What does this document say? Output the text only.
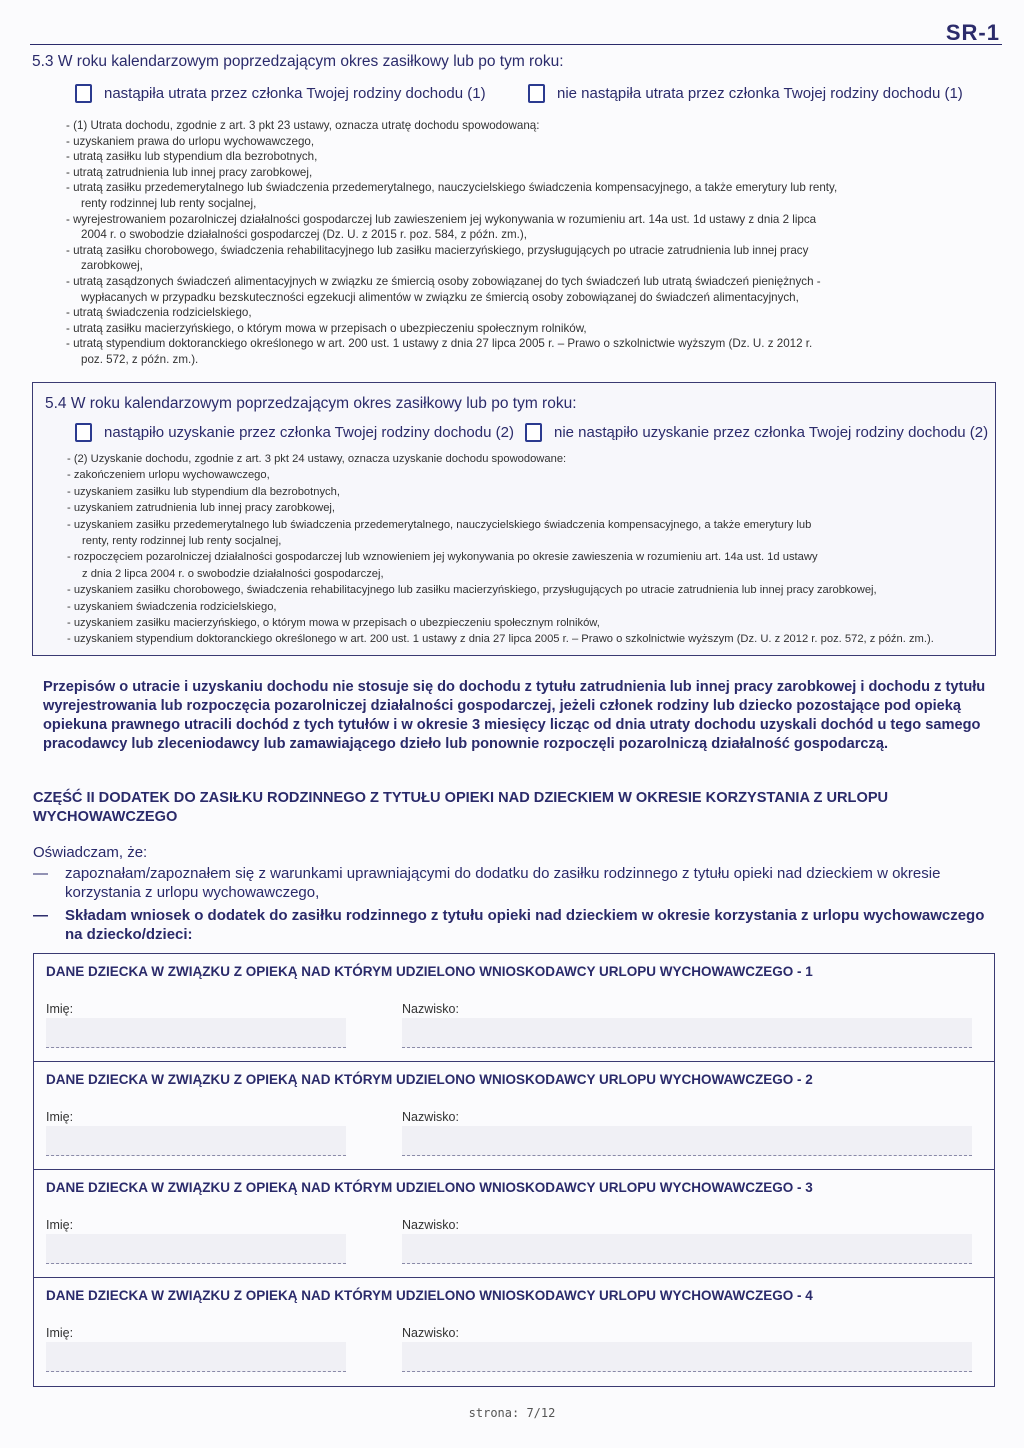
SR-1
5.3 W roku kalendarzowym poprzedzającym okres zasiłkowy lub po tym roku:
nastąpiła utrata przez członka Twojej rodziny dochodu (1)	nie nastąpiła utrata przez członka Twojej rodziny dochodu (1)
- (1) Utrata dochodu, zgodnie z art. 3 pkt 23 ustawy, oznacza utratę dochodu spowodowaną:
- uzyskaniem prawa do urlopu wychowawczego,
- utratą zasiłku lub stypendium dla bezrobotnych,
- utratą zatrudnienia lub innej pracy zarobkowej,
- utratą zasiłku przedemerytalnego lub świadczenia przedemerytalnego, nauczycielskiego świadczenia kompensacyjnego, a także emerytury lub renty,
renty rodzinnej lub renty socjalnej,
- wyrejestrowaniem pozarolniczej działalności gospodarczej lub zawieszeniem jej wykonywania w rozumieniu art. 14a ust. 1d ustawy z dnia 2 lipca
2004 r. o swobodzie działalności gospodarczej (Dz. U. z 2015 r. poz. 584, z późn. zm.),
- utratą zasiłku chorobowego, świadczenia rehabilitacyjnego lub zasiłku macierzyńskiego, przysługujących po utracie zatrudnienia lub innej pracy
zarobkowej,
- utratą zasądzonych świadczeń alimentacyjnych w związku ze śmiercią osoby zobowiązanej do tych świadczeń lub utratą świadczeń pieniężnych -
wypłacanych w przypadku bezskuteczności egzekucji alimentów w związku ze śmiercią osoby zobowiązanej do świadczeń alimentacyjnych,
- utratą świadczenia rodzicielskiego,
- utratą zasiłku macierzyńskiego, o którym mowa w przepisach o ubezpieczeniu społecznym rolników,
- utratą stypendium doktoranckiego określonego w art. 200 ust. 1 ustawy z dnia 27 lipca 2005 r. – Prawo o szkolnictwie wyższym (Dz. U. z 2012 r.
poz. 572, z późn. zm.).
5.4 W roku kalendarzowym poprzedzającym okres zasiłkowy lub po tym roku:
nastąpiło uzyskanie przez członka Twojej rodziny dochodu (2)	nie nastąpiło uzyskanie przez członka Twojej rodziny dochodu (2)
- (2) Uzyskanie dochodu, zgodnie z art. 3 pkt 24 ustawy, oznacza uzyskanie dochodu spowodowane:
- zakończeniem urlopu wychowawczego,
- uzyskaniem zasiłku lub stypendium dla bezrobotnych,
- uzyskaniem zatrudnienia lub innej pracy zarobkowej,
- uzyskaniem zasiłku przedemerytalnego lub świadczenia przedemerytalnego, nauczycielskiego świadczenia kompensacyjnego, a także emerytury lub
renty, renty rodzinnej lub renty socjalnej,
- rozpoczęciem pozarolniczej działalności gospodarczej lub wznowieniem jej wykonywania po okresie zawieszenia w rozumieniu art. 14a ust. 1d ustawy
z dnia 2 lipca 2004 r. o swobodzie działalności gospodarczej,
- uzyskaniem zasiłku chorobowego, świadczenia rehabilitacyjnego lub zasiłku macierzyńskiego, przysługujących po utracie zatrudnienia lub innej pracy zarobkowej,
- uzyskaniem świadczenia rodzicielskiego,
- uzyskaniem zasiłku macierzyńskiego, o którym mowa w przepisach o ubezpieczeniu społecznym rolników,
- uzyskaniem stypendium doktoranckiego określonego w art. 200 ust. 1 ustawy z dnia 27 lipca 2005 r. – Prawo o szkolnictwie wyższym (Dz. U. z 2012 r. poz. 572, z późn. zm.).
Przepisów o utracie i uzyskaniu dochodu nie stosuje się do dochodu z tytułu zatrudnienia lub innej pracy zarobkowej i dochodu z tytułu wyrejestrowania lub rozpoczęcia pozarolniczej działalności gospodarczej, jeżeli członek rodziny lub dziecko pozostające pod opieką opiekuna prawnego utracili dochód z tych tytułów i w okresie 3 miesięcy licząc od dnia utraty dochodu uzyskali dochód u tego samego pracodawcy lub zleceniodawcy lub zamawiającego dzieło lub ponownie rozpoczęli pozarolniczą działalność gospodarczą.
CZĘŚĆ II DODATEK DO ZASIŁKU RODZINNEGO Z TYTUŁU OPIEKI NAD DZIECKIEM W OKRESIE KORZYSTANIA Z URLOPU WYCHOWAWCZEGO
Oświadczam, że:
—	zapoznałam/zapoznałem się z warunkami uprawniającymi do dodatku do zasiłku rodzinnego z tytułu opieki nad dzieckiem w okresie korzystania z urlopu wychowawczego,
—	Składam wniosek o dodatek do zasiłku rodzinnego z tytułu opieki nad dzieckiem w okresie korzystania z urlopu wychowawczego na dziecko/dzieci:
DANE DZIECKA W ZWIĄZKU Z OPIEKĄ NAD KTÓRYM UDZIELONO WNIOSKODAWCY URLOPU WYCHOWAWCZEGO - 1
Imię:	Nazwisko:
DANE DZIECKA W ZWIĄZKU Z OPIEKĄ NAD KTÓRYM UDZIELONO WNIOSKODAWCY URLOPU WYCHOWAWCZEGO - 2
Imię:	Nazwisko:
DANE DZIECKA W ZWIĄZKU Z OPIEKĄ NAD KTÓRYM UDZIELONO WNIOSKODAWCY URLOPU WYCHOWAWCZEGO - 3
Imię:	Nazwisko:
DANE DZIECKA W ZWIĄZKU Z OPIEKĄ NAD KTÓRYM UDZIELONO WNIOSKODAWCY URLOPU WYCHOWAWCZEGO - 4
Imię:	Nazwisko:
strona: 7/12
